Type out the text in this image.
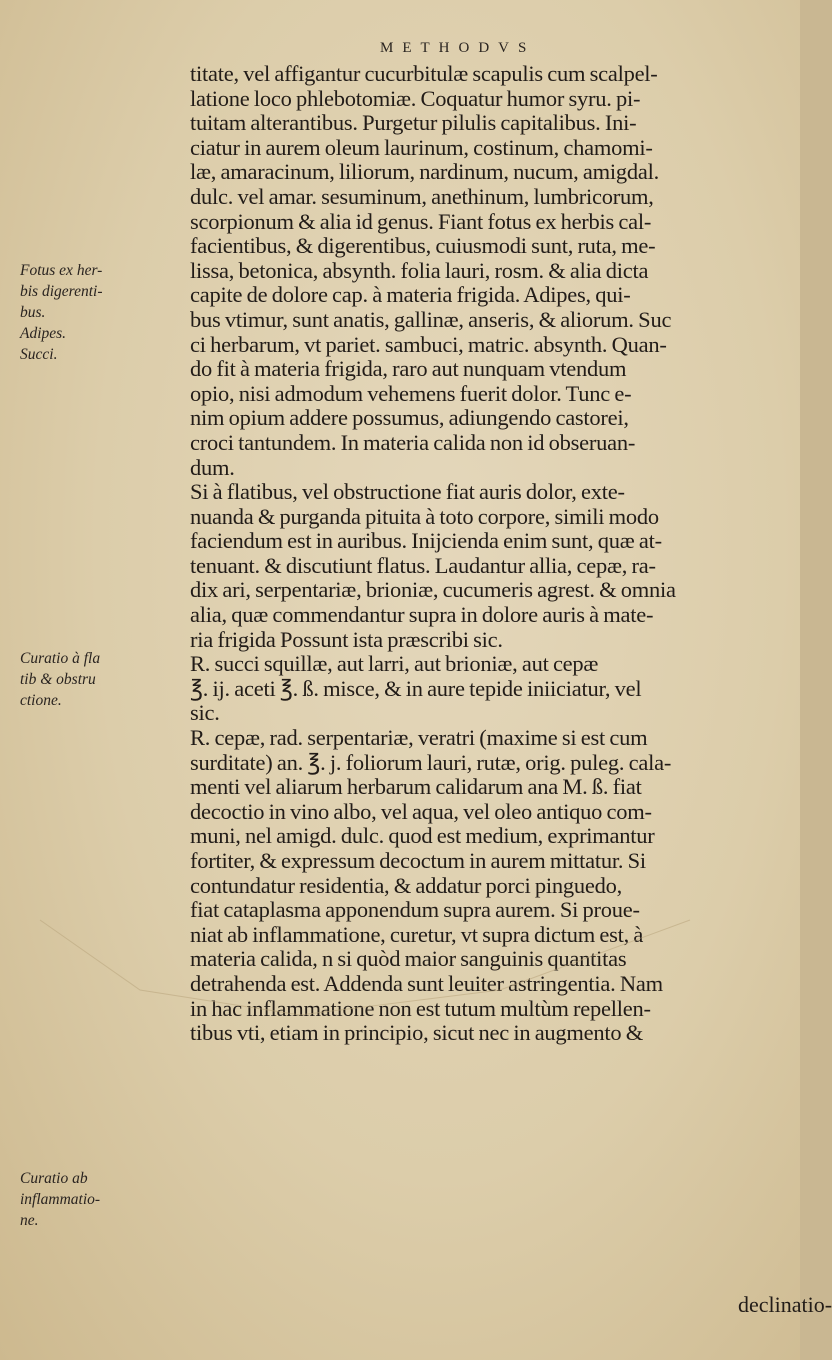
METHODVS
titate, vel affigantur cucurbitulæ scapulis cum scalpel-
latione loco phlebotomiæ. Coquatur humor syru. pi-
tuitam alterantibus. Purgetur pilulis capitalibus. Ini-
ciatur in aurem oleum laurinum, costinum, chamomi-
læ, amaracinum, liliorum, nardinum, nucum, amigdal.
dulc. vel amar. sesuminum, anethinum, lumbricorum,
scorpionum & alia id genus. Fiant fotus ex herbis cal-
facientibus, & digerentibus, cuiusmodi sunt, ruta, me-
lissa, betonica, absynth. folia lauri, rosm. & alia dicta
capite de dolore cap. à materia frigida. Adipes, qui-
bus vtimur, sunt anatis, gallinæ, anseris, & aliorum. Suc
ci herbarum, vt pariet. sambuci, matric. absynth. Quan-
do fit à materia frigida, raro aut nunquam vtendum
opio, nisi admodum vehemens fuerit dolor. Tunc e-
nim opium addere possumus, adiungendo castorei,
croci tantundem. In materia calida non id obseruan-
dum.
Si à flatibus, vel obstructione fiat auris dolor, exte-
nuanda & purganda pituita à toto corpore, simili modo
faciendum est in auribus. Inijcienda enim sunt, quæ at-
tenuant. & discutiunt flatus. Laudantur allia, cepæ, ra-
dix ari, serpentariæ, brioniæ, cucumeris agrest. & omnia
alia, quæ commendantur supra in dolore auris à mate-
ria frigida Possunt ista præscribi sic.
R. succi squillæ, aut larri, aut brioniæ, aut cepæ
℥. ij. aceti ℥. ß. misce, & in aure tepide iniiciatur, vel
sic.
R. cepæ, rad. serpentariæ, veratri (maxime si est cum
surditate) an. ℥. j. foliorum lauri, rutæ, orig. puleg. cala-
menti vel aliarum herbarum calidarum ana M. ß. fiat
decoctio in vino albo, vel aqua, vel oleo antiquo com-
muni, nel amigd. dulc. quod est medium, exprimantur
fortiter, & expressum decoctum in aurem mittatur. Si
contundatur residentia, & addatur porci pinguedo,
fiat cataplasma apponendum supra aurem. Si proue-
niat ab inflammatione, curetur, vt supra dictum est, à
materia calida, n si quòd maior sanguinis quantitas
detrahenda est. Addenda sunt leuiter astringentia. Nam
in hac inflammatione non est tutum multùm repellen-
tibus vti, etiam in principio, sicut nec in augmento &
Fotus ex her-
bis digerenti-
bus.
Adipes.
Succi.
Curatio à fla
tib & obstru
ctione.
Curatio ab
inflammatio-
ne.
declinatio-
